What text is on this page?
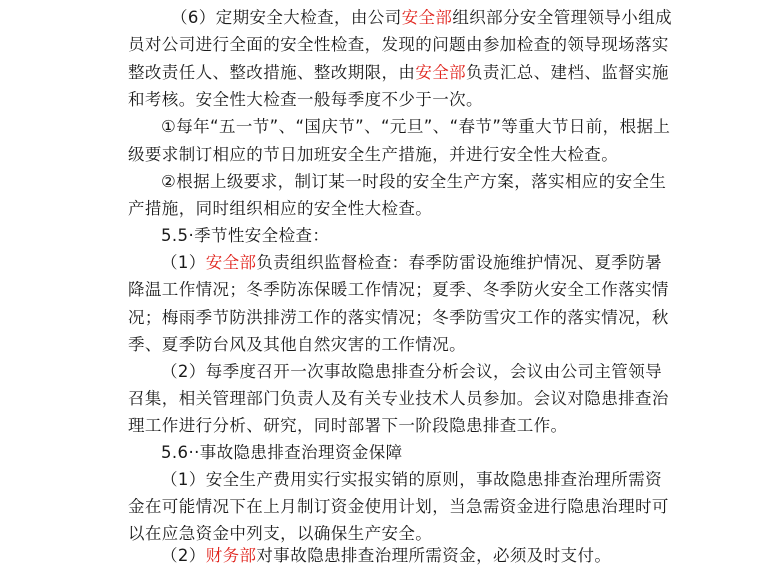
（6）定期安全大检查，由公司安全部组织部分安全管理领导小组成
员对公司进行全面的安全性检查，发现的问题由参加检查的领导现场落实
整改责任人、整改措施、整改期限，由安全部负责汇总、建档、监督实施
和考核。安全性大检查一般每季度不少于一次。
①每年“五一节”、“国庆节”、“元旦”、“春节”等重大节日前，根据上
级要求制订相应的节日加班安全生产措施，并进行安全性大检查。
②根据上级要求，制订某一时段的安全生产方案，落实相应的安全生
产措施，同时组织相应的安全性大检查。
5.5·季节性安全检查：
（1）安全部负责组织监督检查：春季防雷设施维护情况、夏季防暑
降温工作情况；冬季防冻保暖工作情况；夏季、冬季防火安全工作落实情
况；梅雨季节防洪排涝工作的落实情况；冬季防雪灾工作的落实情况，秋
季、夏季防台风及其他自然灾害的工作情况。
（2）每季度召开一次事故隐患排查分析会议，会议由公司主管领导
召集，相关管理部门负责人及有关专业技术人员参加。会议对隐患排查治
理工作进行分析、研究，同时部署下一阶段隐患排查工作。
5.6··事故隐患排查治理资金保障
（1）安全生产费用实行实报实销的原则，事故隐患排查治理所需资
金在可能情况下在上月制订资金使用计划，当急需资金进行隐患治理时可
以在应急资金中列支，以确保生产安全。
（2）财务部对事故隐患排查治理所需资金，必须及时支付。
